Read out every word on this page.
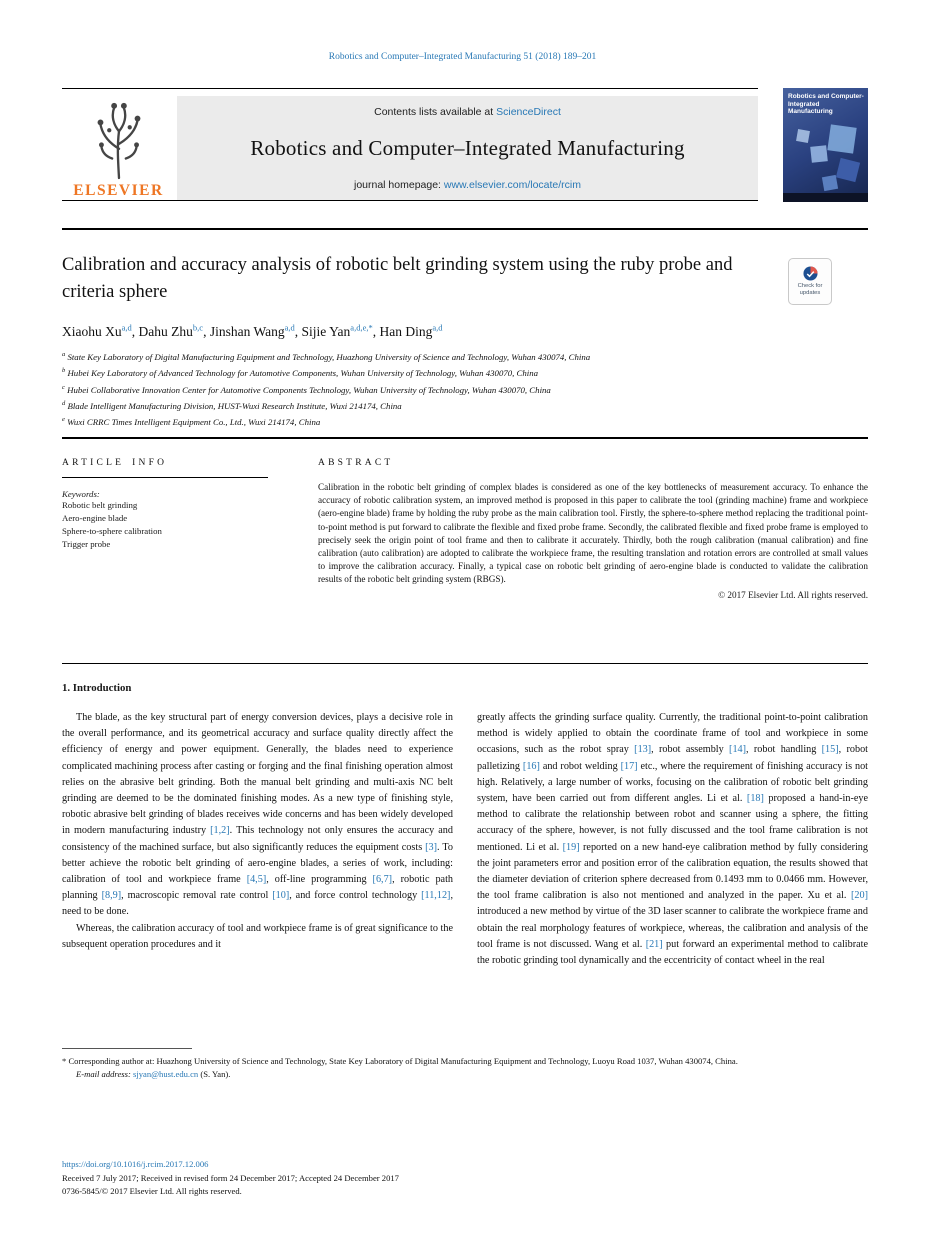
Robotics and Computer–Integrated Manufacturing 51 (2018) 189–201
ELSEVIER
Contents lists available at ScienceDirect
Robotics and Computer–Integrated Manufacturing
journal homepage: www.elsevier.com/locate/rcim
Robotics and Computer-Integrated Manufacturing
Calibration and accuracy analysis of robotic belt grinding system using the ruby probe and criteria sphere	Check for
updates
Xiaohu Xu$^{a,d}$, Dahu Zhu$^{b,c}$, Jinshan Wang$^{a,d}$, Sijie Yan$^{a,d,e,*}$, Han Ding$^{a,d}$
$^a$ State Key Laboratory of Digital Manufacturing Equipment and Technology, Huazhong University of Science and Technology, Wuhan 430074, China
$^b$ Hubei Key Laboratory of Advanced Technology for Automotive Components, Wuhan University of Technology, Wuhan 430070, China
$^c$ Hubei Collaborative Innovation Center for Automotive Components Technology, Wuhan University of Technology, Wuhan 430070, China
$^d$ Blade Intelligent Manufacturing Division, HUST-Wuxi Research Institute, Wuxi 214174, China
$^e$ Wuxi CRRC Times Intelligent Equipment Co., Ltd., Wuxi 214174, China
ARTICLE INFO
Keywords:
Robotic belt grinding
Aero-engine blade
Sphere-to-sphere calibration
Trigger probe
ABSTRACT
Calibration in the robotic belt grinding of complex blades is considered as one of the key bottlenecks of measurement accuracy. To enhance the accuracy of robotic calibration system, an improved method is proposed in this paper to calibrate the tool (grinding machine) frame and workpiece (aero-engine blade) frame by holding the ruby probe as the main calibration tool. Firstly, the sphere-to-sphere method replacing the traditional point-to-point method is put forward to calibrate the flexible and fixed probe frame. Secondly, the calibrated flexible and fixed probe frame is employed to precisely seek the origin point of tool frame and then to calibrate it accurately. Thirdly, both the rough calibration (manual calibration) and fine calibration (auto calibration) are adopted to calibrate the workpiece frame, the resulting translation and rotation errors are controlled at small values to improve the calibration accuracy. Finally, a typical case on robotic belt grinding of aero-engine blade is conducted to validate the calibration results of the robotic belt grinding system (RBGS).
© 2017 Elsevier Ltd. All rights reserved.
1. Introduction

The blade, as the key structural part of energy conversion devices, plays a decisive role in the overall performance, and its geometrical accuracy and surface quality directly affect the efficiency of energy and power equipment. Generally, the blades need to experience complicated machining process after casting or forging and the final finishing operation almost relies on the abrasive belt grinding. Both the manual belt grinding and multi-axis NC belt grinding are deemed to be the dominated finishing modes. As a new type of finishing style, robotic abrasive belt grinding of blades receives wide concerns and has been widely developed in modern manufacturing industry [1,2]. This technology not only ensures the accuracy and consistency of the machined surface, but also significantly reduces the equipment costs [3]. To better achieve the robotic belt grinding of aero-engine blades, a series of work, including: calibration of tool and workpiece frame [4,5], off-line programming [6,7], robotic path planning [8,9], macroscopic removal rate control [10], and force control technology [11,12], need to be done.

Whereas, the calibration accuracy of tool and workpiece frame is of great significance to the subsequent operation procedures and it

greatly affects the grinding surface quality. Currently, the traditional point-to-point calibration method is widely applied to obtain the coordinate frame of tool and workpiece in some occasions, such as the robot spray [13], robot assembly [14], robot handling [15], robot palletizing [16] and robot welding [17] etc., where the requirement of finishing accuracy is not high. Relatively, a large number of works, focusing on the calibration of robotic belt grinding system, have been carried out from different angles. Li et al. [18] proposed a hand-in-eye method to calibrate the relationship between robot and scanner using a sphere, the fitting accuracy of the sphere, however, is not fully discussed and the tool frame calibration is not mentioned. Li et al. [19] reported on a new hand-eye calibration method by fully considering the joint parameters error and position error of the calibration equation, the results showed that the diameter deviation of criterion sphere decreased from 0.1493 mm to 0.0466 mm. However, the tool frame calibration is also not mentioned and analyzed in the paper. Xu et al. [20] introduced a new method by virtue of the 3D laser scanner to calibrate the workpiece frame and obtain the real morphology features of workpiece, whereas, the calibration and analysis of the tool frame is not discussed. Wang et al. [21] put forward an experimental method to calibrate the robotic grinding tool dynamically and the eccentricity of contact wheel in the real

* Corresponding author at: Huazhong University of Science and Technology, State Key Laboratory of Digital Manufacturing Equipment and Technology, Luoyu Road 1037, Wuhan 430074, China.
E-mail address: sjyan@hust.edu.cn (S. Yan).
https://doi.org/10.1016/j.rcim.2017.12.006
Received 7 July 2017; Received in revised form 24 December 2017; Accepted 24 December 2017
0736-5845/© 2017 Elsevier Ltd. All rights reserved.
